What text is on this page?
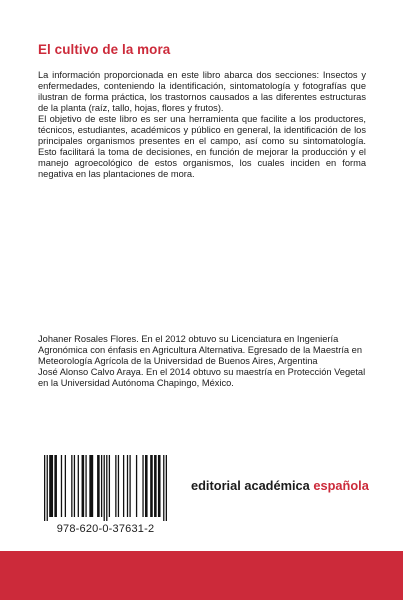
El cultivo de la mora

La información proporcionada en este libro abarca dos secciones: Insectos y enfermedades, conteniendo la identificación, sintomatología y fotografías que ilustran de forma práctica, los trastornos causados a las diferentes estructuras de la planta (raíz, tallo, hojas, flores y frutos).

El objetivo de este libro es ser una herramienta que facilite a los productores, técnicos, estudiantes, académicos y público en general, la identificación de los principales organismos presentes en el campo, así como su sintomatología. Esto facilitará la toma de decisiones, en función de mejorar la producción y el manejo agroecológico de estos organismos, los cuales inciden en forma negativa en las plantaciones de mora.

Johaner Rosales Flores. En el 2012 obtuvo su Licenciatura en Ingeniería Agronómica con énfasis en Agricultura Alternativa. Egresado de la Maestría en Meteorología Agrícola de la Universidad de Buenos Aires, Argentina

José Alonso Calvo Araya. En el 2014 obtuvo su maestría en Protección Vegetal en la Universidad Autónoma Chapingo, México.

978-620-0-37631-2
editorial académica española
